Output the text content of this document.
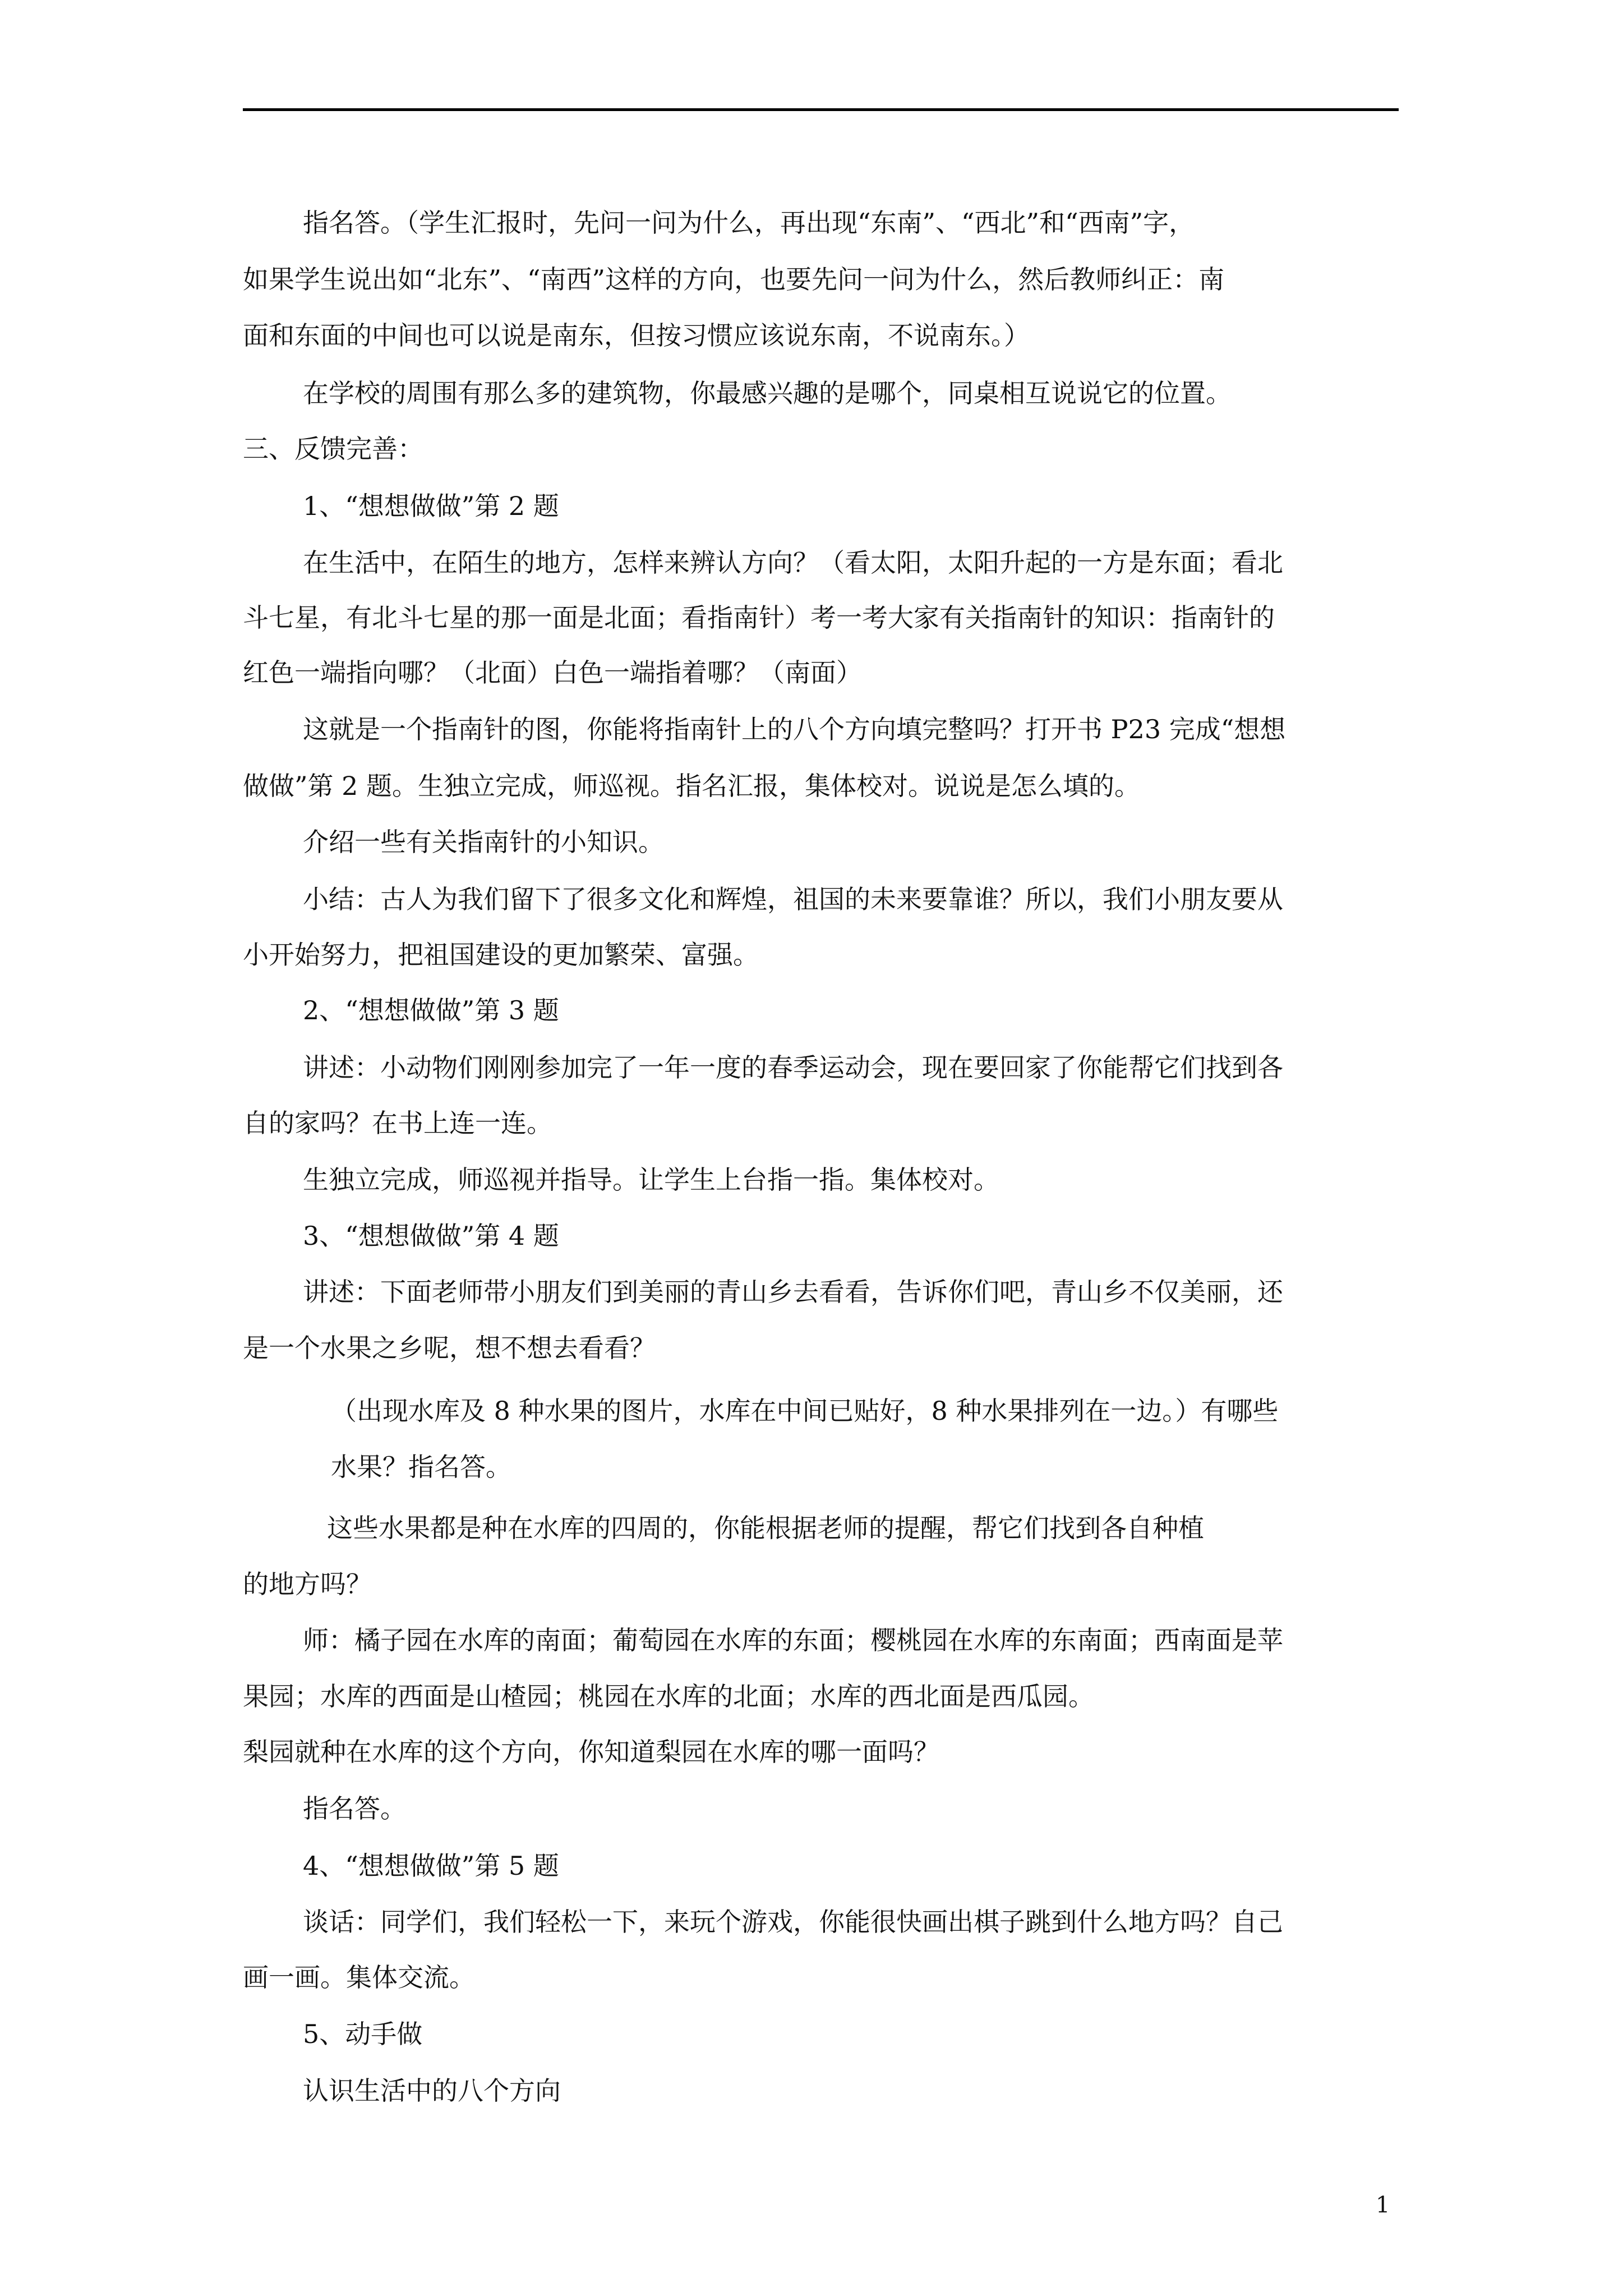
指名答。（学生汇报时，先问一问为什么，再出现“东南”、“西北”和“西南”字，
如果学生说出如“北东”、“南西”这样的方向，也要先问一问为什么，然后教师纠正：南
面和东面的中间也可以说是南东，但按习惯应该说东南，不说南东。）
在学校的周围有那么多的建筑物，你最感兴趣的是哪个，同桌相互说说它的位置。
三、反馈完善：
1、“想想做做”第 2 题
在生活中，在陌生的地方，怎样来辨认方向？（看太阳，太阳升起的一方是东面；看北
斗七星，有北斗七星的那一面是北面；看指南针）考一考大家有关指南针的知识：指南针的
红色一端指向哪？（北面）白色一端指着哪？（南面）
这就是一个指南针的图，你能将指南针上的八个方向填完整吗？打开书 P23 完成“想想
做做”第 2 题。生独立完成，师巡视。指名汇报，集体校对。说说是怎么填的。
介绍一些有关指南针的小知识。
小结：古人为我们留下了很多文化和辉煌，祖国的未来要靠谁？所以，我们小朋友要从
小开始努力，把祖国建设的更加繁荣、富强。
2、“想想做做”第 3 题
讲述：小动物们刚刚参加完了一年一度的春季运动会，现在要回家了你能帮它们找到各
自的家吗？在书上连一连。
生独立完成，师巡视并指导。让学生上台指一指。集体校对。
3、“想想做做”第 4 题
讲述：下面老师带小朋友们到美丽的青山乡去看看，告诉你们吧，青山乡不仅美丽，还
是一个水果之乡呢，想不想去看看？
（出现水库及 8 种水果的图片，水库在中间已贴好，8 种水果排列在一边。）有哪些
水果？指名答。
这些水果都是种在水库的四周的，你能根据老师的提醒，帮它们找到各自种植
的地方吗？
师：橘子园在水库的南面；葡萄园在水库的东面；樱桃园在水库的东南面；西南面是苹
果园；水库的西面是山楂园；桃园在水库的北面；水库的西北面是西瓜园。
梨园就种在水库的这个方向，你知道梨园在水库的哪一面吗？
指名答。
4、“想想做做”第 5 题
谈话：同学们，我们轻松一下，来玩个游戏，你能很快画出棋子跳到什么地方吗？自己
画一画。集体交流。
5、动手做
认识生活中的八个方向
1
